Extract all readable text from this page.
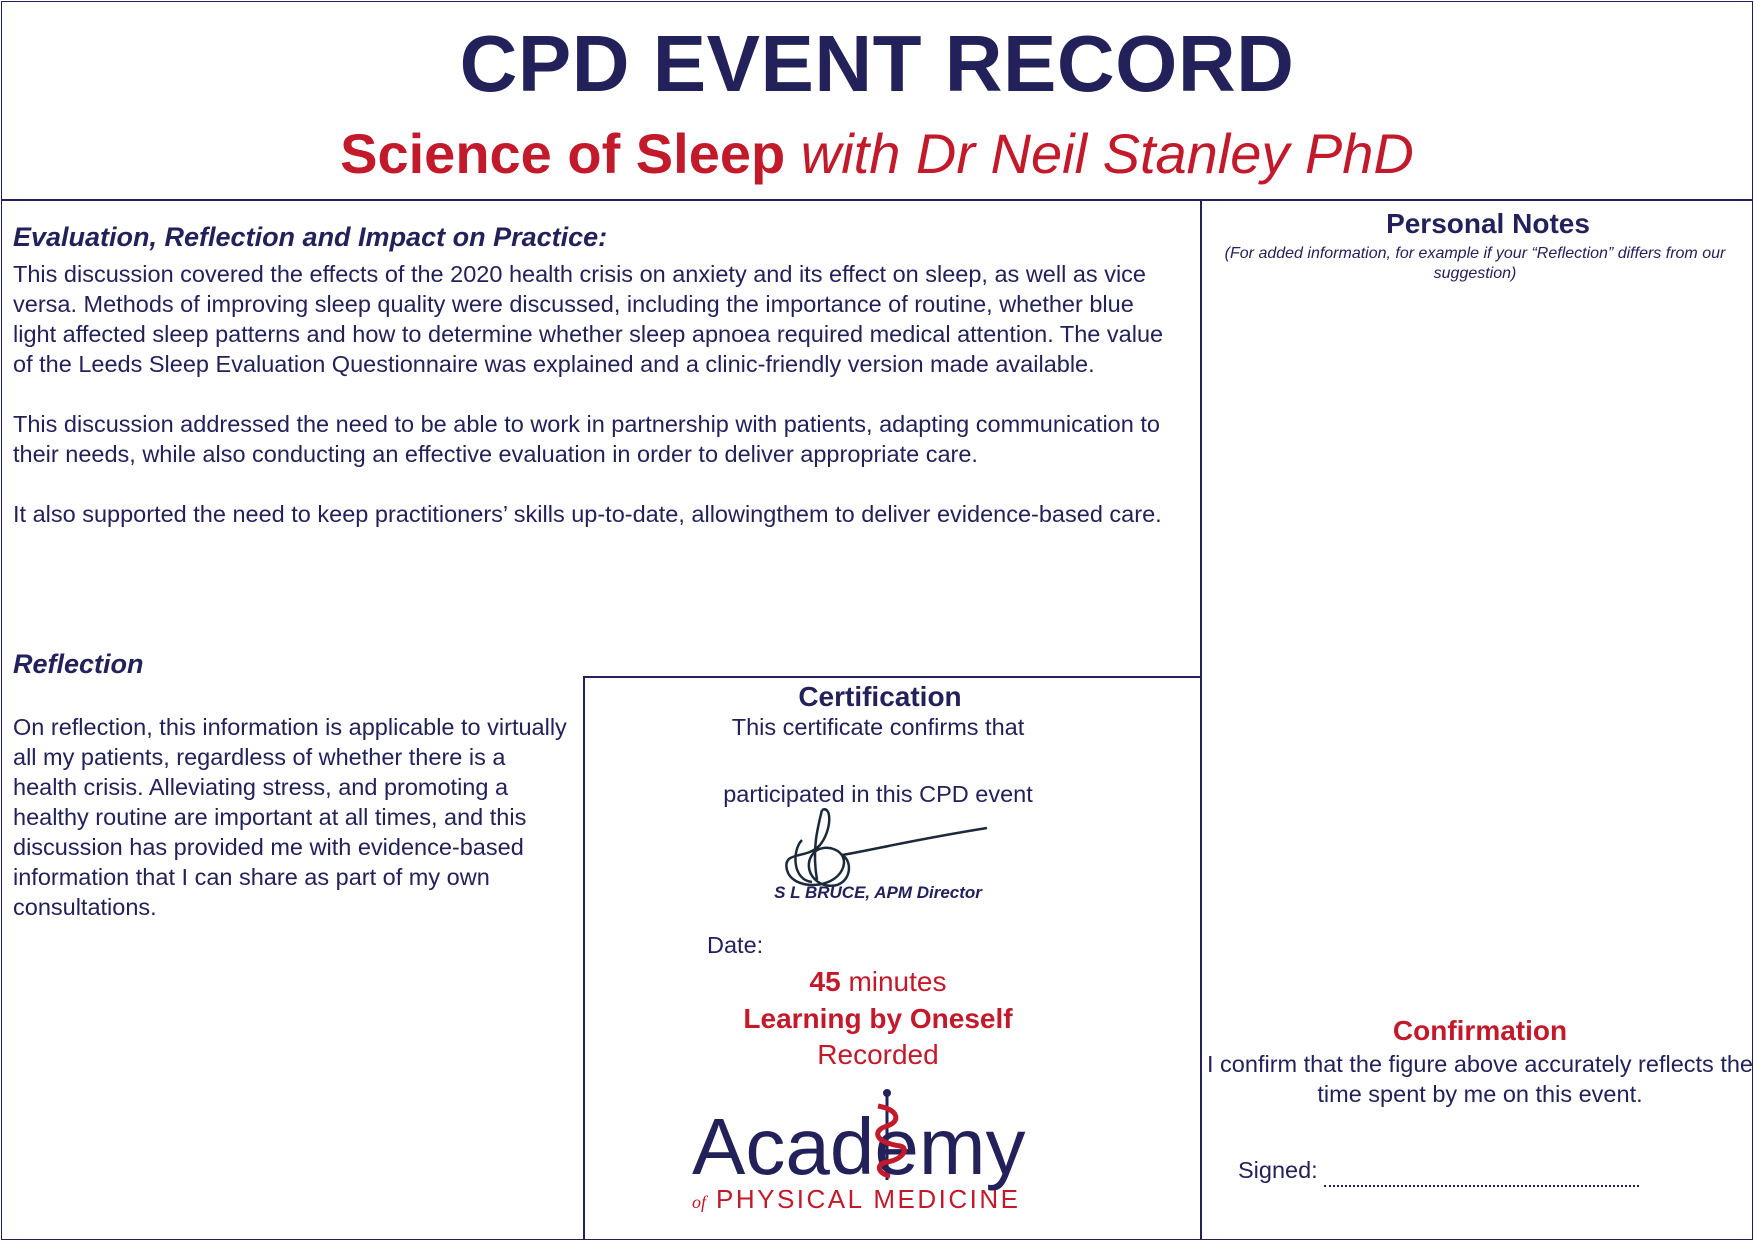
CPD EVENT RECORD
Science of Sleep with Dr Neil Stanley PhD
Evaluation, Reflection and Impact on Practice:

This discussion covered the effects of the 2020 health crisis on anxiety and its effect on sleep, as well as vice versa. Methods of improving sleep quality were discussed, including the importance of routine, whether blue light affected sleep patterns and how to determine whether sleep apnoea required medical attention. The value of the Leeds Sleep Evaluation Questionnaire was explained and a clinic-friendly version made available.

This discussion addressed the need to be able to work in partnership with patients, adapting communication to their needs, while also conducting an effective evaluation in order to deliver appropriate care.

It also supported the need to keep practitioners’ skills up-to-date, allowingthem to deliver evidence-based care.

Reflection
On reflection, this information is applicable to virtually all my patients, regardless of whether there is a health crisis. Alleviating stress, and promoting a healthy routine are important at all times, and this discussion has provided me with evidence-based information that I can share as part of my own consultations.
Certification
This certificate confirms that
participated in this CPD event
S L BRUCE, APM Director
Date:
45 minutes
Learning by Oneself
Recorded
Academy
of PHYSICAL MEDICINE
Personal Notes
(For added information, for example if your “Reflection” differs from our suggestion)
Confirmation
I confirm that the figure above accurately reflects the time spent by me on this event.
Signed:
